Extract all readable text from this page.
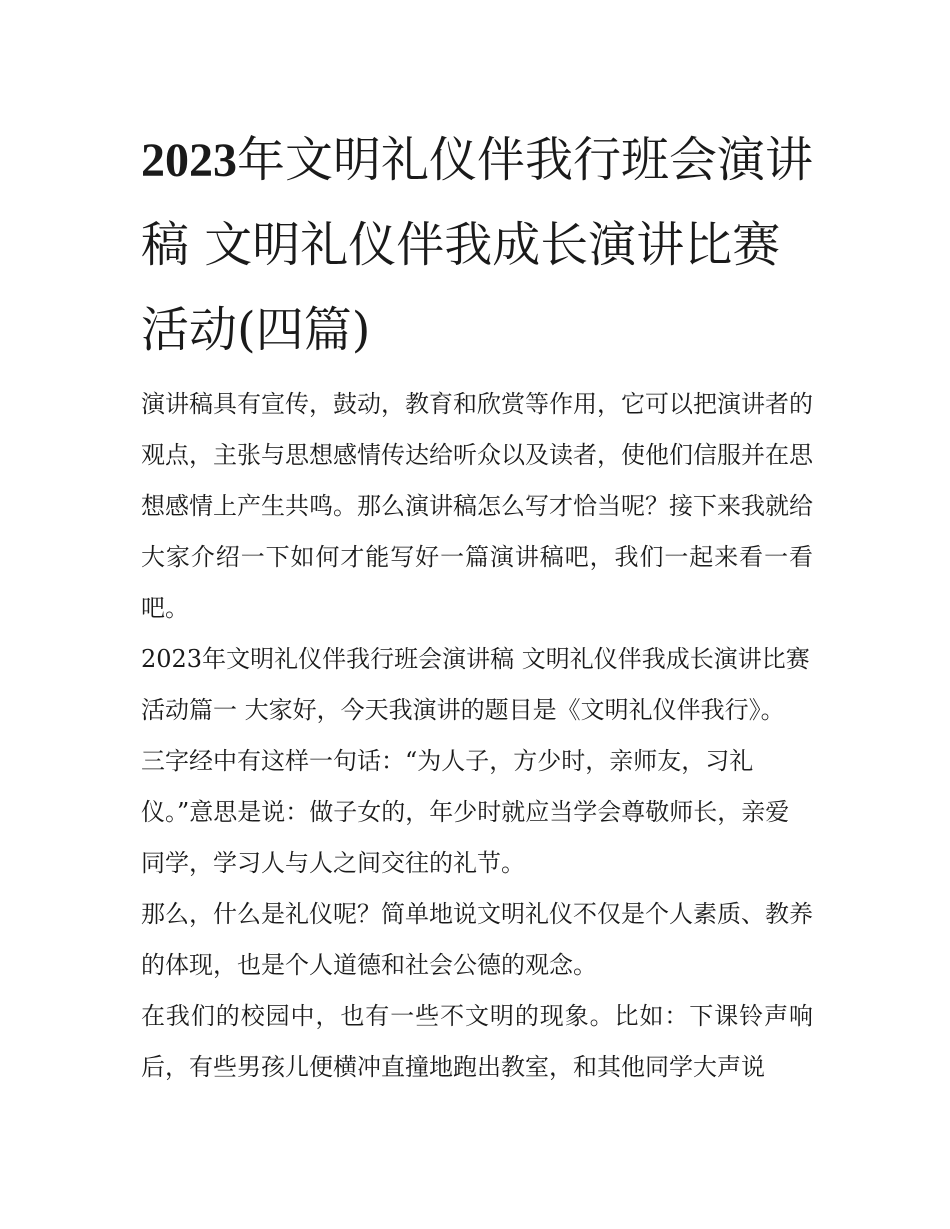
2023年文明礼仪伴我行班会演讲稿 文明礼仪伴我成长演讲比赛活动(四篇)

演讲稿具有宣传，鼓动，教育和欣赏等作用，它可以把演讲者的观点，主张与思想感情传达给听众以及读者，使他们信服并在思想感情上产生共鸣。那么演讲稿怎么写才恰当呢？接下来我就给大家介绍一下如何才能写好一篇演讲稿吧，我们一起来看一看吧。

2023年文明礼仪伴我行班会演讲稿 文明礼仪伴我成长演讲比赛活动篇一 大家好，今天我演讲的题目是《文明礼仪伴我行》。

三字经中有这样一句话：“为人子，方少时，亲师友，习礼仪。”意思是说：做子女的，年少时就应当学会尊敬师长，亲爱同学，学习人与人之间交往的礼节。

那么，什么是礼仪呢？简单地说文明礼仪不仅是个人素质、教养的体现，也是个人道德和社会公德的观念。

在我们的校园中，也有一些不文明的现象。比如：下课铃声响后，有些男孩儿便横冲直撞地跑出教室，和其他同学大声说
